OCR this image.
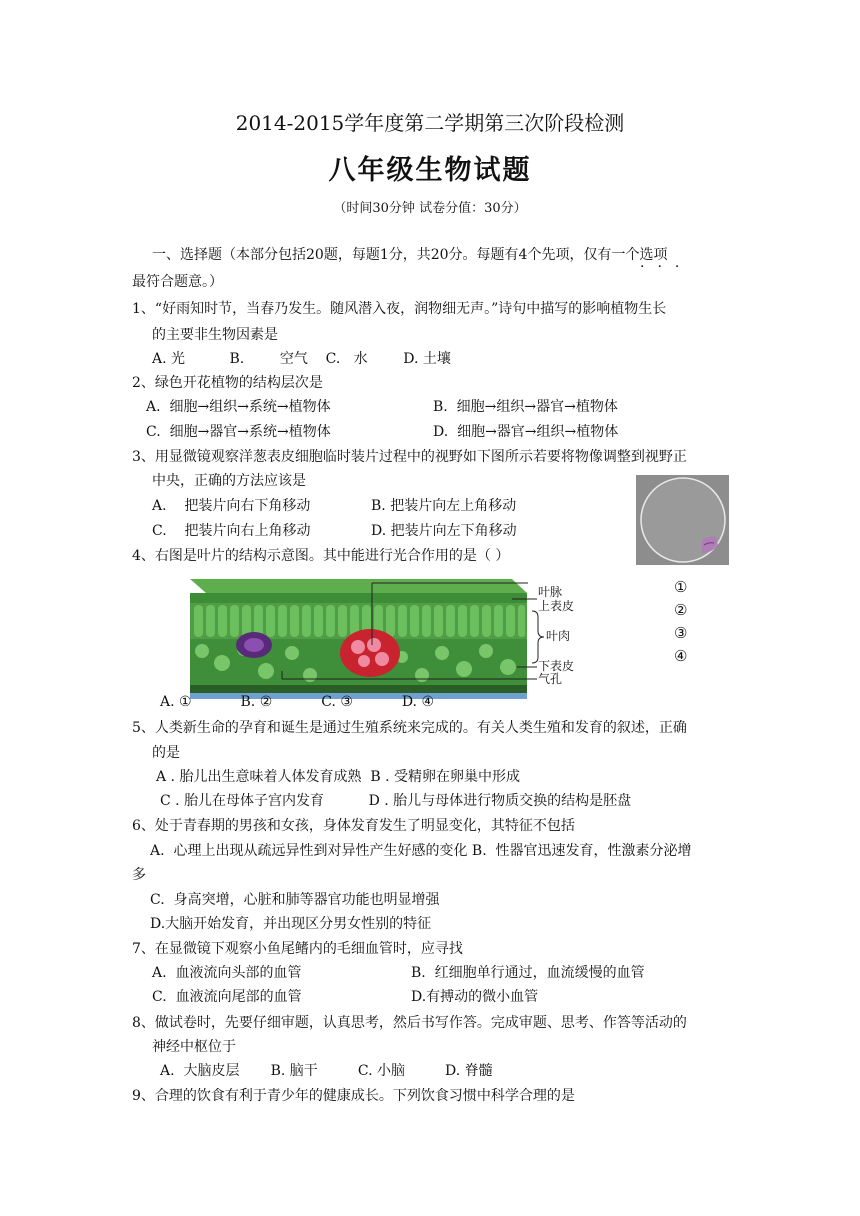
2014-2015学年度第二学期第三次阶段检测
八年级生物试题
（时间30分钟 试卷分值：30分）
一、选择题（本部分包括20题，每题1分，共20分。每题有4个先项，仅有一个选项
···
最符合题意。）
1、“好雨知时节，当春乃发生。随风潜入夜，润物细无声。”诗句中描写的影响植物生长
的主要非生物因素是
A. 光          B.        空气    C.   水        D. 土壤
2、绿色开花植物的结构层次是
A.  细胞→组织→系统→植物体	B.  细胞→组织→器官→植物体
C.  细胞→器官→系统→植物体	D.  细胞→器官→组织→植物体
3、用显微镜观察洋葱表皮细胞临时装片过程中的视野如下图所示若要将物像调整到视野正
中央，正确的方法应该是
A.    把装片向右下角移动	B. 把装片向左上角移动
C.    把装片向右上角移动	D. 把装片向左下角移动
4、右图是叶片的结构示意图。其中能进行光合作用的是（ ）
叶脉
上表皮
叶肉
下表皮
气孔
①
②
③
④
A. ①           B. ②           C. ③           D. ④
5、人类新生命的孕育和诞生是通过生殖系统来完成的。有关人类生殖和发育的叙述，正确
的是
A . 胎儿出生意味着人体发育成熟  B . 受精卵在卵巢中形成
C . 胎儿在母体子宫内发育          D . 胎儿与母体进行物质交换的结构是胚盘
6、处于青春期的男孩和女孩，身体发育发生了明显变化，其特征不包括
A.  心理上出现从疏远异性到对异性产生好感的变化 B.  性器官迅速发育，性激素分泌增
多
C.  身高突增，心脏和肺等器官功能也明显增强
D.大脑开始发育，并出现区分男女性别的特征
7、在显微镜下观察小鱼尾鳍内的毛细血管时，应寻找
A.  血液流向头部的血管	B.  红细胞单行通过，血流缓慢的血管
C.  血液流向尾部的血管	D.有搏动的微小血管
8、做试卷时，先要仔细审题，认真思考，然后书写作答。完成审题、思考、作答等活动的
神经中枢位于
A.  大脑皮层       B. 脑干         C. 小脑         D. 脊髓
9、合理的饮食有利于青少年的健康成长。下列饮食习惯中科学合理的是
